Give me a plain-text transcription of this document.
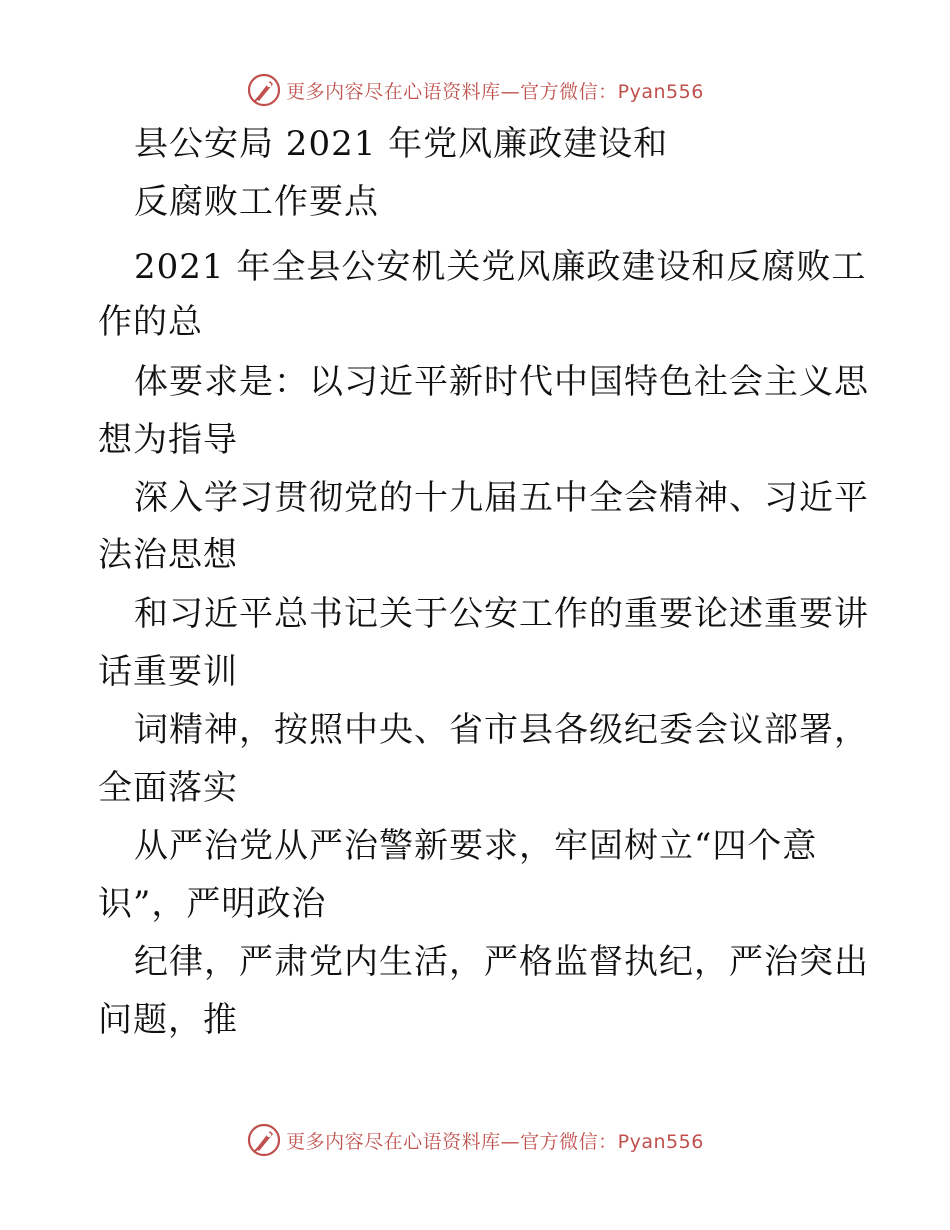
更多内容尽在心语资料库—官方微信：Pyan556
县公安局 2021 年党风廉政建设和
反腐败工作要点
2021 年全县公安机关党风廉政建设和反腐败工
作的总
体要求是：以习近平新时代中国特色社会主义思
想为指导
深入学习贯彻党的十九届五中全会精神、习近平
法治思想
和习近平总书记关于公安工作的重要论述重要讲
话重要训
词精神，按照中央、省市县各级纪委会议部署，
全面落实
从严治党从严治警新要求，牢固树立“四个意
识”，严明政治
纪律，严肃党内生活，严格监督执纪，严治突出
问题，推
更多内容尽在心语资料库—官方微信：Pyan556
